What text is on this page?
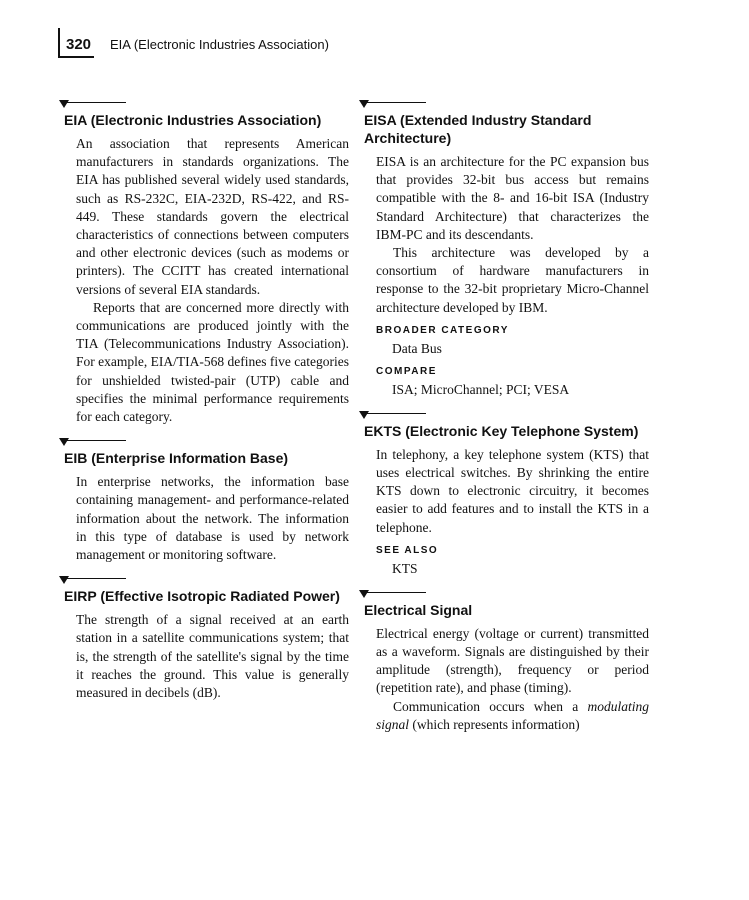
320 EIA (Electronic Industries Association)
EIA (Electronic Industries Association)

An association that represents American manufacturers in standards organizations. The EIA has published several widely used standards, such as RS-232C, EIA-232D, RS-422, and RS-449. These standards govern the electrical characteristics of connections between computers and other electronic devices (such as modems or printers). The CCITT has created international versions of several EIA standards.

Reports that are concerned more directly with communications are produced jointly with the TIA (Telecommunications Industry Association). For example, EIA/TIA-568 defines five categories for unshielded twisted-pair (UTP) cable and specifies the minimal performance requirements for each category.

EIB (Enterprise Information Base)

In enterprise networks, the information base containing management- and performance-related information about the network. The information in this type of database is used by network management or monitoring software.

EIRP (Effective Isotropic Radiated Power)

The strength of a signal received at an earth station in a satellite communications system; that is, the strength of the satellite's signal by the time it reaches the ground. This value is generally measured in decibels (dB).

EISA (Extended Industry Standard Architecture)

EISA is an architecture for the PC expansion bus that provides 32-bit bus access but remains compatible with the 8- and 16-bit ISA (Industry Standard Architecture) that characterizes the IBM-PC and its descendants.

This architecture was developed by a consortium of hardware manufacturers in response to the 32-bit proprietary Micro-Channel architecture developed by IBM.

BROADER CATEGORY
Data Bus
COMPARE
ISA; MicroChannel; PCI; VESA
EKTS (Electronic Key Telephone System)

In telephony, a key telephone system (KTS) that uses electrical switches. By shrinking the entire KTS down to electronic circuitry, it becomes easier to add features and to install the KTS in a telephone.

SEE ALSO
KTS
Electrical Signal

Electrical energy (voltage or current) transmitted as a waveform. Signals are distinguished by their amplitude (strength), frequency or period (repetition rate), and phase (timing).

Communication occurs when a modulating signal (which represents information)
